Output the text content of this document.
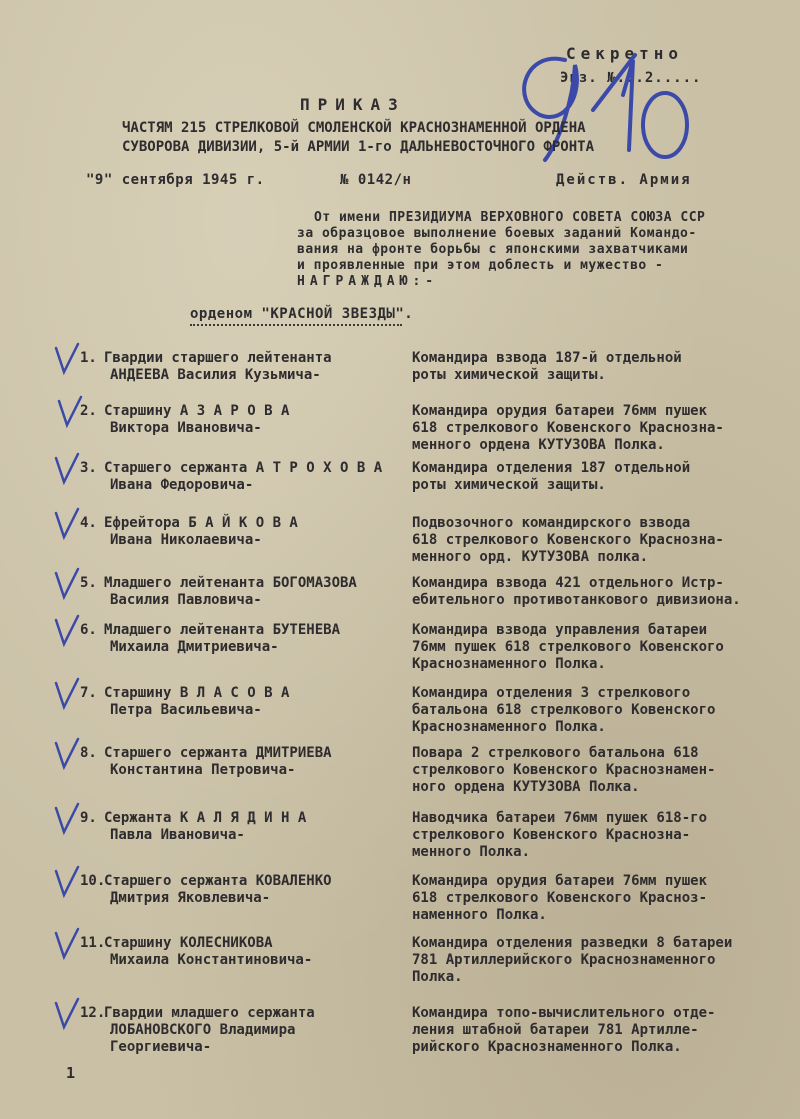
Секретно
Экз. №...2.....
ПРИКАЗ
ЧАСТЯМ 215 СТРЕЛКОВОЙ СМОЛЕНСКОЙ КРАСНОЗНАМЕННОЙ ОРДЕНА
СУВОРОВА ДИВИЗИИ, 5-й АРМИИ 1-го ДАЛЬНЕВОСТОЧНОГО ФРОНТА
"9" сентября 1945 г.	№ 0142/н	Действ. Армия
От имени ПРЕЗИДИУМА ВЕРХОВНОГО СОВЕТА СОЮЗА ССР
за образцовое выполнение боевых заданий Командо-
вания на фронте борьбы с японскими захватчиками
и проявленные при этом доблесть и мужество -
НАГРАЖДАЮ:-
орденом "КРАСНОЙ ЗВЕЗДЫ".
1
1. Гвардии старшего лейтенанта
АНДЕЕВА Василия Кузьмича-
Командира взвода 187-й отдельной
роты химической защиты.
2. Старшину А З А Р О В А
Виктора Ивановича-
Командира орудия батареи 76мм пушек
618 стрелкового Ковенского Краснозна-
менного ордена КУТУЗОВА Полка.
3. Старшего сержанта А Т Р О Х О В А
Ивана Федоровича-
Командира отделения 187 отдельной
роты химической защиты.
4. Ефрейтора Б А Й К О В А
Ивана Николаевича-
Подвозочного командирского взвода
618 стрелкового Ковенского Краснозна-
менного орд. КУТУЗОВА полка.
5. Младшего лейтенанта БОГОМАЗОВА
Василия Павловича-
Командира взвода 421 отдельного Истр-
ебительного противотанкового дивизиона.
6. Младшего лейтенанта БУТЕНЕВА
Михаила Дмитриевича-
Командира взвода управления батареи
76мм пушек 618 стрелкового Ковенского
Краснознаменного Полка.
7. Старшину В Л А С О В А
Петра Васильевича-
Командира отделения 3 стрелкового
батальона 618 стрелкового Ковенского
Краснознаменного Полка.
8. Старшего сержанта ДМИТРИЕВА
Константина Петровича-
Повара 2 стрелкового батальона 618
стрелкового Ковенского Краснознамен-
ного ордена КУТУЗОВА Полка.
9. Сержанта К А Л Я Д И Н А
Павла Ивановича-
Наводчика батареи 76мм пушек 618-го
стрелкового Ковенского Краснозна-
менного Полка.
10.Старшего сержанта КОВАЛЕНКО
Дмитрия Яковлевича-
Командира орудия батареи 76мм пушек
618 стрелкового Ковенского Красноз-
наменного Полка.
11.Старшину КОЛЕСНИКОВА
Михаила Константиновича-
Командира отделения разведки 8 батареи
781 Артиллерийского Краснознаменного
Полка.
12.Гвардии младшего сержанта
ЛОБАНОВСКОГО Владимира
Георгиевича-
Командира топо-вычислительного отде-
ления штабной батареи 781 Артилле-
рийского Краснознаменного Полка.
